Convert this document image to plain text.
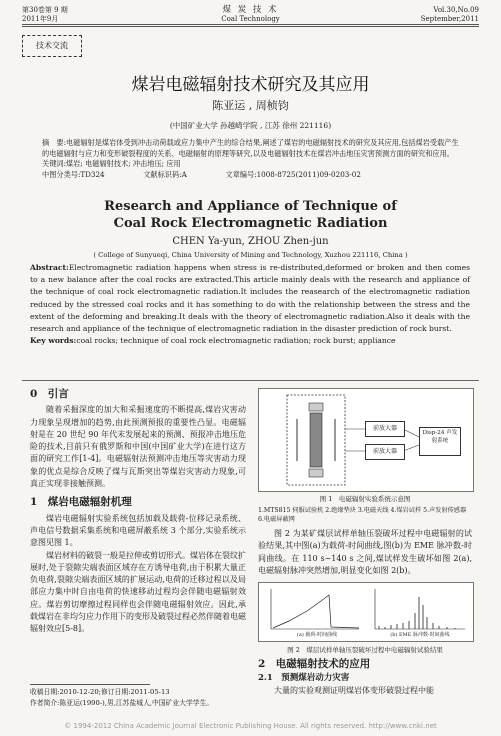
第30卷第 9 期
2011年9月
煤 炭 技 术
Coal Technology
Vol.30,No.09
September,2011
技术交流
煤岩电磁辐射技术研究及其应用
陈亚运 , 周桢钧
(中国矿业大学 孙越崎学院 , 江苏 徐州 221116)

摘　要:电磁辐射是煤岩体受到冲击动荷载或应力集中产生的综合结果,阐述了煤岩的电磁辐射技术的研究及其应用,包括煤岩受载产生的电磁辐射与应力和变形破裂程度的关系、电磁辐射的原理等研究,以及电磁辐射技术在煤岩冲击地压灾害预测方面的研究和应用。

关键词:煤岩; 电磁辐射技术; 冲击地压; 应用

中图分类号:TD324	文献标识码:A	文章编号:1008-8725(2011)09-0203-02

Research and Appliance of Technique of
Coal Rock Electromagnetic Radiation
CHEN Ya-yun, ZHOU Zhen-jun
( College of Sunyueqi, China University of Mining and Technology, Xuzhou 221116, China )

Abstract:Electromagnetic radiation happens when stress is re-distributed,deformed or broken and then comes to a new balance after the coal rocks are extracted.This article mainly deals with the research and appliance of the technique of coal rock electromagnetic radiation.It includes the reasearch of the electromagnetic radiation reduced by the stressed coal rocks and it has something to do with the relationship between the stress and the extent of the deforming and breaking.It deals with the theory of electromagnetic radiation.Also it deals with the research and appliance of the technique of electromagnetic radiation in the disaster prediction of rock burst.

Key words:coal rocks; technique of coal rock electromagnetic radiation; rock burst; appliance

0　引言

随着采掘深度的加大和采掘速度的不断提高,煤岩灾害动力现象呈现增加的趋势,由此预测预报的重要性凸显。电磁辐射是在 20 世纪 90 年代末发展起来的预测、预报冲击地压危险的技术,目前只有俄罗斯和中国(中国矿业大学)在进行这方面的研究工作[1-4]。电磁辐射法预测冲击地压等灾害动力现象的优点是综合反映了煤与瓦斯突出等煤岩灾害动力现象,可真正实现非接触预测。

1　煤岩电磁辐射机理

煤岩电磁辐射实验系统包括加载及载荷-位移记录系统、声电信号数据采集系统和电磁屏蔽系统 3 个部分,实验系统示意图见图 1。

煤岩材料的破裂一般是拉伸或剪切形式。煤岩体在裂纹扩展时,处于裂隙尖端表面区域存在方诱导电荷,由于积累大量正负电荷,裂隙尖端表面区域的扩展运动,电荷的迁移过程以及局部应力集中时自由电荷的快速移动过程均会伴随电磁辐射效应。煤岩剪切摩擦过程同样也会伴随电磁辐射效应。因此,承载煤岩在非均匀应力作用下的变形及破裂过程必然伴随着电磁辐射效应[5-8]。

前放大器
前放大器
Disp-24 声发射系统
图 1　电磁辐射实验系统示意图
1.MTS815 伺服试验机 2.绝缘垫块 3.电磁天线 4.煤岩试样 5.声发射传感器 6.电磁屏蔽网

图 2 为某矿煤层试样单轴压裂破坏过程中电磁辐射的试验结果,其中图(a)为载荷-时间曲线,图(b)为 EME 脉冲数-时间曲线。在 110 s~140 s 之间,煤试样发生破坏如图 2(a),电磁辐射脉冲突然增加,明显变化如图 2(b)。

(a) 载荷-时间曲线	(b) EME 脉冲数-时间曲线
图 2　煤层试样单轴压裂破坏过程中电磁辐射试验结果
2　电磁辐射技术的应用
2.1　预测煤岩动力灾害

大量的实验观测证明煤岩体变形破裂过程中能

收稿日期:2010-12-20;修订日期:2011-05-13
作者简介:陈亚运(1990-),男,江苏盐城人,中国矿业大学学生。
© 1994-2012 China Academic Journal Electronic Publishing House. All rights reserved. http://www.cnki.net
